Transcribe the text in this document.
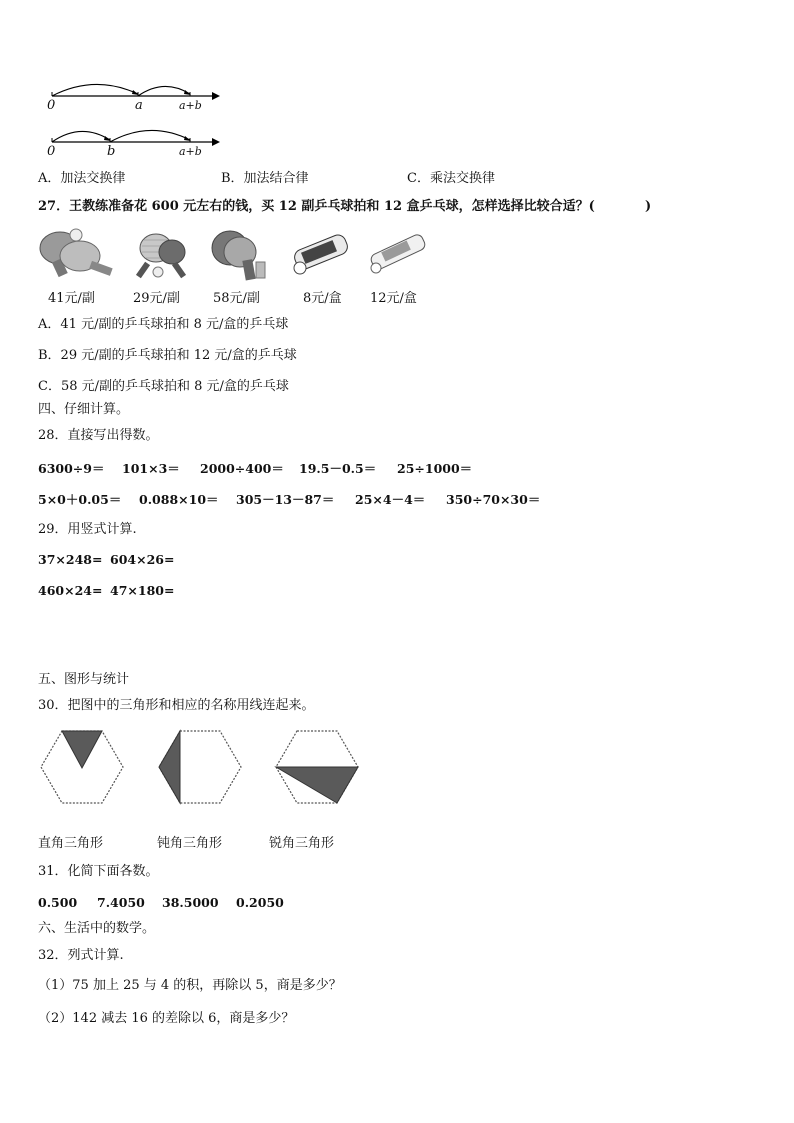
0	a	a+b
0	b	a+b
A．加法交换律	B．加法结合律	C．乘法交换律
27．王教练准备花 600 元左右的钱，买 12 副乒乓球拍和 12 盒乒乓球，怎样选择比较合适？(	)
41元/副	29元/副	58元/副	8元/盒 12元/盒
A．41 元/副的乒乓球拍和 8 元/盒的乒乓球
B．29 元/副的乒乓球拍和 12 元/盒的乒乓球
C．58 元/副的乒乓球拍和 8 元/盒的乒乓球
四、仔细计算。
28．直接写出得数。
6300÷9＝ 101×3＝ 2000÷400＝ 19.5－0.5＝ 25÷1000＝
5×0＋0.05＝ 0.088×10＝ 305－13－87＝ 25×4－4＝ 350÷70×30＝
29．用竖式计算.
37×248= 604×26=
460×24= 47×180=
五、图形与统计
30．把图中的三角形和相应的名称用线连起来。
直角三角形	钝角三角形	锐角三角形
31．化简下面各数。
0.500 7.4050 38.5000 0.2050
六、生活中的数学。
32．列式计算.
（1）75 加上 25 与 4 的积，再除以 5，商是多少？
（2）142 减去 16 的差除以 6，商是多少？
